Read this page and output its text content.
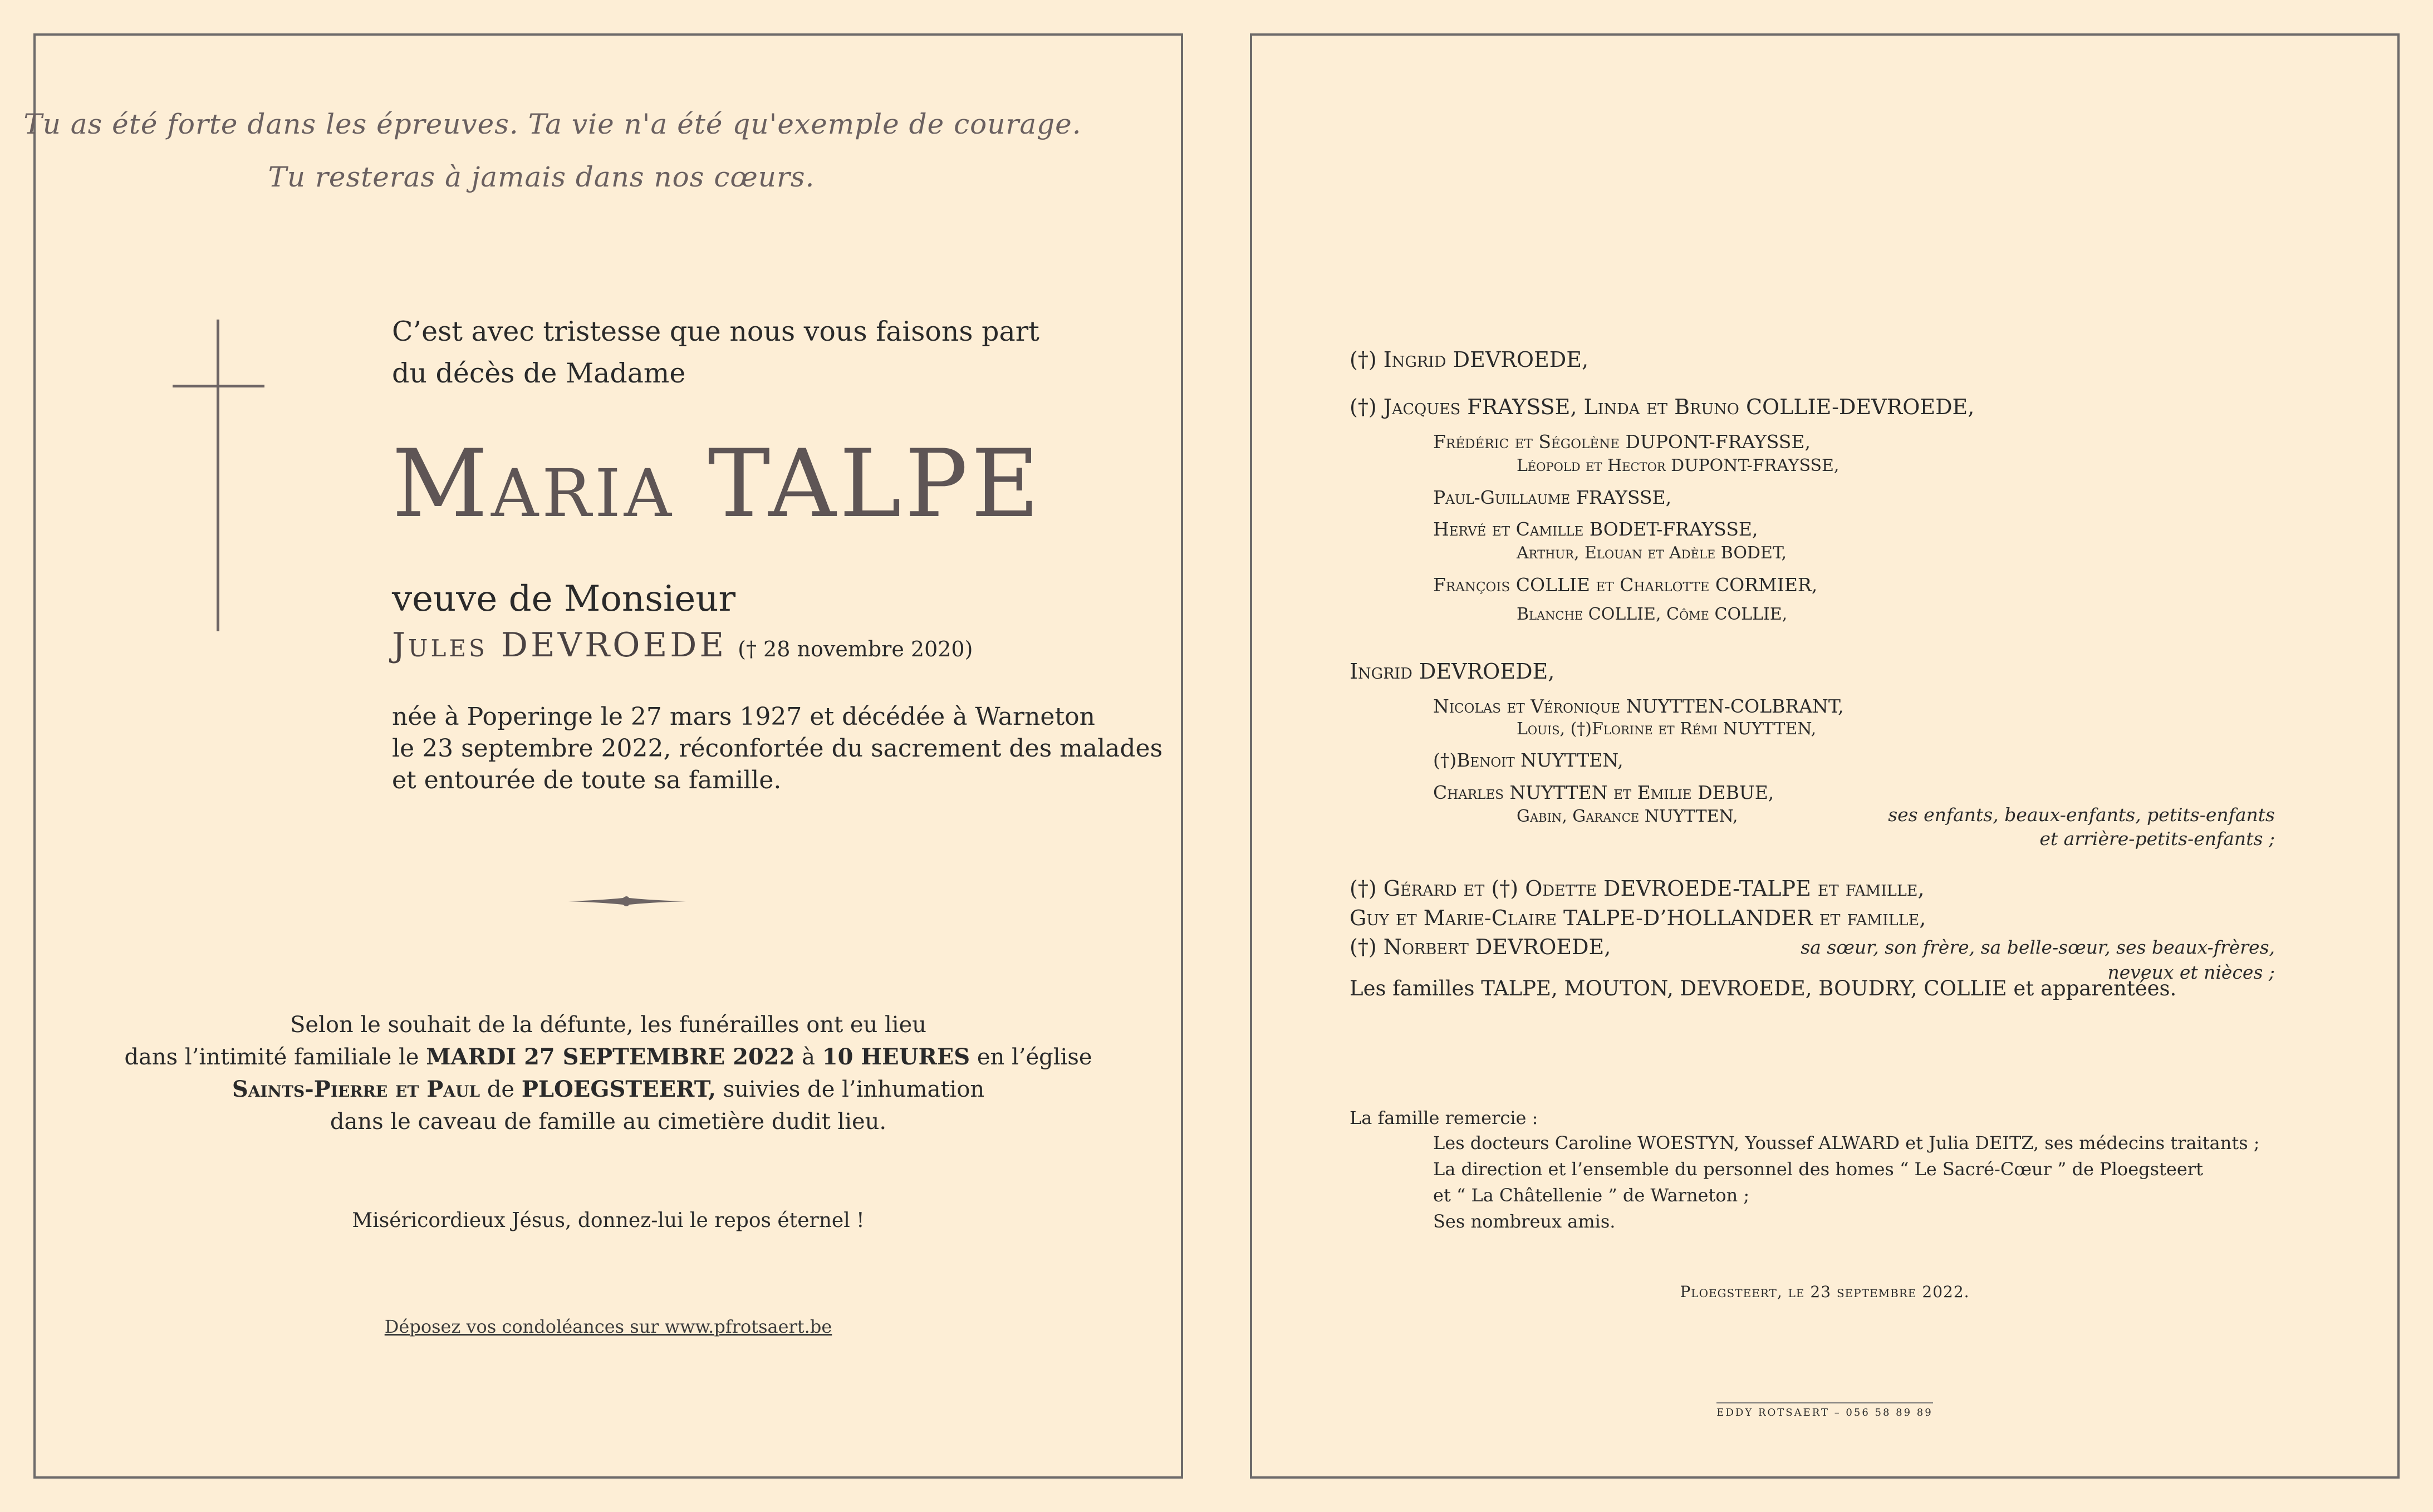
Tu as été forte dans les épreuves. Ta vie n'a été qu'exemple de courage.
Tu resteras à jamais dans nos cœurs.
C’est avec tristesse que nous vous faisons part
du décès de Madame
Maria TALPE
veuve de Monsieur
Jules DEVROEDE († 28 novembre 2020)
née à Poperinge le 27 mars 1927 et décédée à Warneton
le 23 septembre 2022, réconfortée du sacrement des malades
et entourée de toute sa famille.
Selon le souhait de la défunte, les funérailles ont eu lieu
dans l’intimité familiale le MARDI 27 SEPTEMBRE 2022 à 10 HEURES en l’église
Saints-Pierre et Paul de PLOEGSTEERT, suivies de l’inhumation
dans le caveau de famille au cimetière dudit lieu.
Miséricordieux Jésus, donnez-lui le repos éternel !
Déposez vos condoléances sur www.pfrotsaert.be
(†) Ingrid DEVROEDE,
(†) Jacques FRAYSSE, Linda et Bruno COLLIE-DEVROEDE,
Frédéric et Ségolène DUPONT-FRAYSSE,
Léopold et Hector DUPONT-FRAYSSE,
Paul-Guillaume FRAYSSE,
Hervé et Camille BODET-FRAYSSE,
Arthur, Elouan et Adèle BODET,
François COLLIE et Charlotte CORMIER,
Blanche COLLIE, Côme COLLIE,
Ingrid DEVROEDE,
Nicolas et Véronique NUYTTEN-COLBRANT,
Louis, (†)Florine et Rémi NUYTTEN,
(†)Benoit NUYTTEN,
Charles NUYTTEN et Emilie DEBUE,
Gabin, Garance NUYTTEN,	ses enfants, beaux-enfants, petits-enfants
et arrière-petits-enfants ;
(†) Gérard et (†) Odette DEVROEDE-TALPE et famille,
Guy et Marie-Claire TALPE-D’HOLLANDER et famille,
(†) Norbert DEVROEDE,	sa sœur, son frère, sa belle-sœur, ses beaux-frères,
neveux et nièces ;
Les familles TALPE, MOUTON, DEVROEDE, BOUDRY, COLLIE et apparentées.
La famille remercie :
Les docteurs Caroline WOESTYN, Youssef ALWARD et Julia DEITZ, ses médecins traitants ;
La direction et l’ensemble du personnel des homes “ Le Sacré-Cœur ” de Ploegsteert
et “ La Châtellenie ” de Warneton ;
Ses nombreux amis.
Ploegsteert, le 23 septembre 2022.
EDDY ROTSAERT – 056 58 89 89
